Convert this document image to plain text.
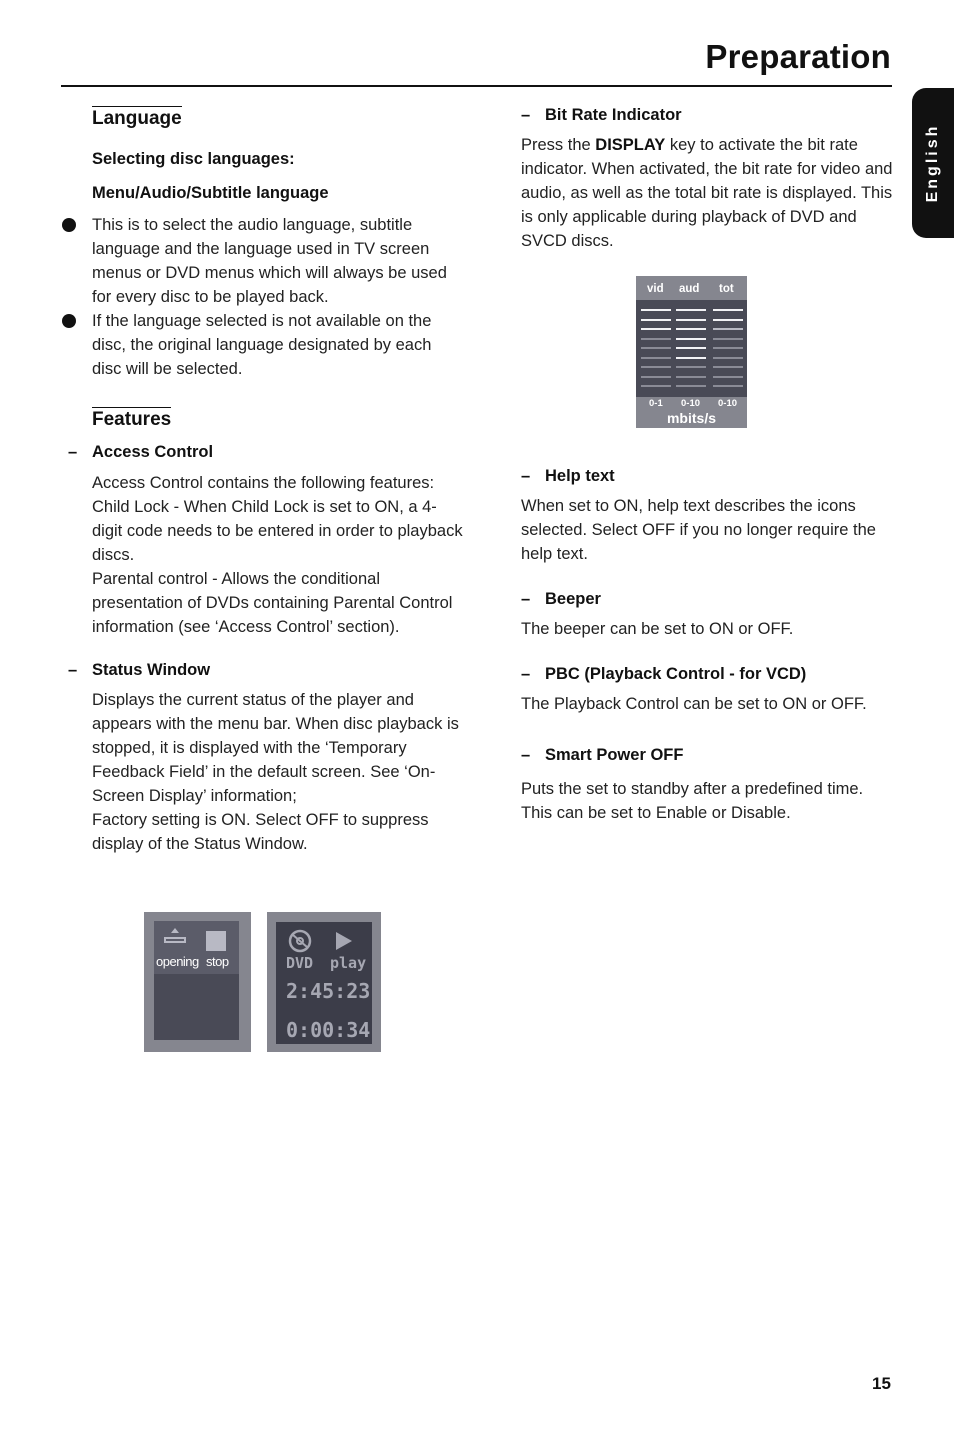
Preparation
English
Language

Selecting disc languages:

Menu/Audio/Subtitle language

This is to select the audio language, subtitle language and the language used in TV screen menus or DVD menus which will always be used for every disc to be played back.
If the language selected is not available on the disc, the original language designated by each disc will be selected.
Features

– Access Control

Access Control contains the following features:

Child Lock - When Child Lock is set to ON, a 4-digit code needs to be entered in order to playback discs.

Parental control - Allows the conditional presentation of DVDs containing Parental Control information (see ‘Access Control’ section).

– Status Window

Displays the current status of the player and appears with the menu bar. When disc playback is stopped, it is displayed with the ‘Temporary Feedback Field’ in the default screen. See ‘On-Screen Display’ information;

Factory setting is ON. Select OFF to suppress display of the Status Window.

opening stop	DVD play
2:45:23
0:00:34

– Bit Rate Indicator

Press the DISPLAY key to activate the bit rate indicator. When activated, the bit rate for video and audio, as well as the total bit rate is displayed. This is only applicable during playback of DVD and SVCD discs.

– Help text

When set to ON, help text describes the icons selected. Select OFF if you no longer require the help text.

– Beeper

The beeper can be set to ON or OFF.

– PBC (Playback Control - for VCD)

The Playback Control can be set to ON or OFF.

– Smart Power OFF

Puts the set to standby after a predefined time. This can be set to Enable or Disable.

vid aud tot
0-1 0-10 0-10
mbits/s
15
